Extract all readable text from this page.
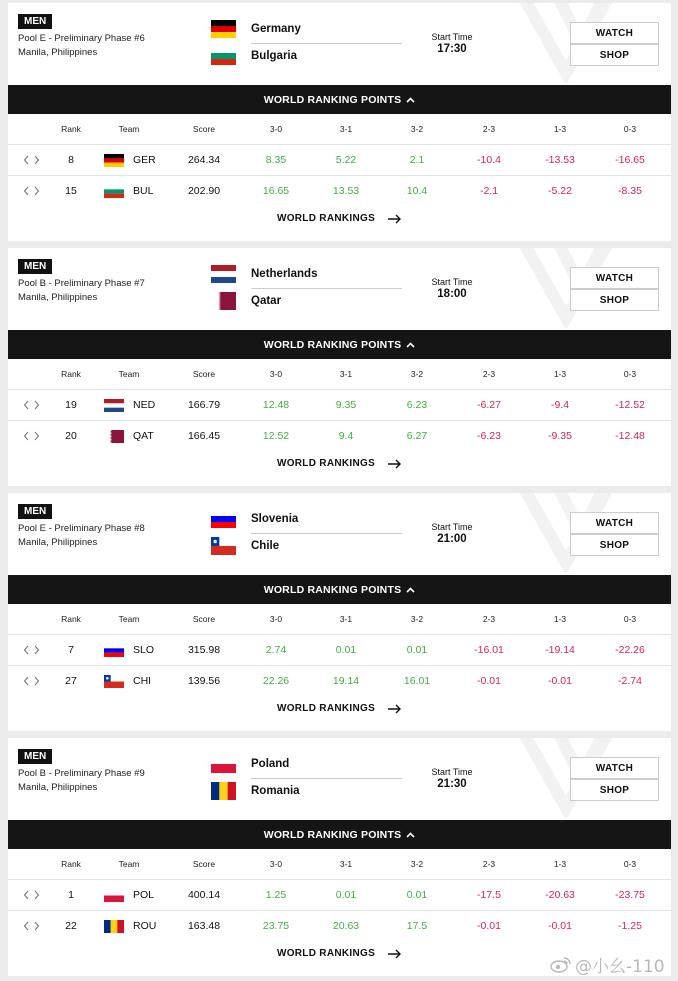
MEN
Pool E - Preliminary Phase #6
Manila, Philippines
Germany
Bulgaria
Start Time
17:30
WATCH
SHOP
WORLD RANKING POINTS
Rank	Team	Score	3-0	3-1	3-2	2-3	1-3	0-3
8	GER	264.34	8.35	5.22	2.1	-10.4	-13.53	-16.65
15	BUL	202.90	16.65	13.53	10.4	-2.1	-5.22	-8.35
WORLD RANKINGS
MEN
Pool B - Preliminary Phase #7
Manila, Philippines
Netherlands
Qatar
Start Time
18:00
WATCH
SHOP
WORLD RANKING POINTS
Rank	Team	Score	3-0	3-1	3-2	2-3	1-3	0-3
19	NED	166.79	12.48	9.35	6.23	-6.27	-9.4	-12.52
20	QAT	166.45	12.52	9.4	6.27	-6.23	-9.35	-12.48
WORLD RANKINGS
MEN
Pool E - Preliminary Phase #8
Manila, Philippines
Slovenia
Chile
Start Time
21:00
WATCH
SHOP
WORLD RANKING POINTS
Rank	Team	Score	3-0	3-1	3-2	2-3	1-3	0-3
7	SLO	315.98	2.74	0.01	0.01	-16.01	-19.14	-22.26
27	CHI	139.56	22.26	19.14	16.01	-0.01	-0.01	-2.74
WORLD RANKINGS
MEN
Pool B - Preliminary Phase #9
Manila, Philippines
Poland
Romania
Start Time
21:30
WATCH
SHOP
WORLD RANKING POINTS
Rank	Team	Score	3-0	3-1	3-2	2-3	1-3	0-3
1	POL	400.14	1.25	0.01	0.01	-17.5	-20.63	-23.75
22	ROU	163.48	23.75	20.63	17.5	-0.01	-0.01	-1.25
WORLD RANKINGS
@小幺-110
